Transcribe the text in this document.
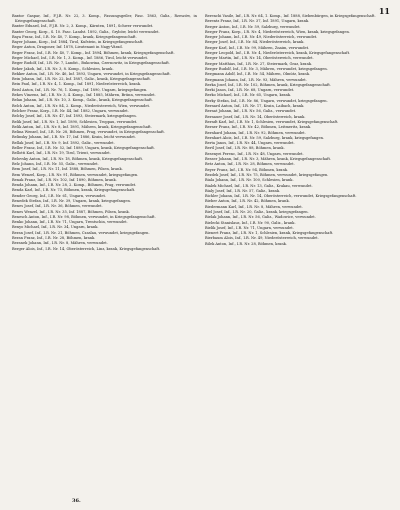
11

Baxtor Gaspar, Inf., F.J.R. Nr. 22, 3. Komp., Fassungsgeiler, Fasc. 1863, Galiz., Rzeszów, in Kriegsgefangenschaft.

Baxter Eduard, Inf., F.J.R. Nr. 2, 3. Komp., Kärnten, 1891, Schwer verwundet.

Baxter Georg, Korp., S. 10. Fasc. Landst. 1892, Galiz., Grybów, leicht verwundet.

Baya Franz, Inf., I.R. Nr. 40, 7. Komp., krank, Kriegsgefangenschaft.

Bayer Johann, Korp., Inf. 1884, Tirol, Kufstein, in Kriegsgefangenschaft.

Beger Anton, Dragoner, Inf. 1878, Lieutenant in Nagy-Várad.

Beger Franz, Inf., I.R. Nr. 40, 7. Komp., Inf. 1894, Böhmen, krank, Kriegsgefangenschaft.

Beger Michael, Inf., I.R. Nr. 1, 3. Komp., Inf. 1886, Tirol, leicht verwundet.

Beger Rudolf, Inf., I.R. Nr. 7, Landst., Bukowina, Czernowitz, in Kriegsgefangenschaft.

Beker Jakob, Inf., I.R. Nr. 3, 8. Komp., Schlesien, krank.

Bekker Anton, Inf., I.R. Nr. 46, Inf. 1893, Ungarn, verwundet, in Kriegsgefangenschaft.

Bein Johann, Inf., I.R. Nr. 22, Inf. 1887, Galiz., krank, Kriegsgefangenschaft.

Bein Paul, Inf., I.R. Nr. 4, 1. Komp., Inf. 1891, Niederösterreich, krank.

Beisl Anton, Inf., I.R. Nr. 76, 1. Komp., Inf. 1890, Ungarn, kriegsgefangen.

Bekes Vinzenz, Inf., I.R. Nr. 3, 4. Komp., Inf. 1885, Mähren, Brünn, verwundet.

Belan Johann, Inf., I.R. Nr. 10, 3. Komp., Galiz., krank, Kriegsgefangenschaft.

Belch Anton, Inf., I.R. Nr. 84, 2. Komp., Niederösterreich, Wien, verwundet.

Belcher Franz, Korp., I.R. Nr. 44, Inf. 1882, Ungarn, verwundet.

Belchy Josef, Inf., I.R. Nr. 47, Inf. 1893, Steiermark, kriegsgefangen.

Belik Josef, Inf., I.R. Nr. 1, Inf. 1890, Schlesien, Troppau, verwundet.

Belik Anton, Inf., I.R. Nr. 8, Inf. 1891, Mähren, krank, Kriegsgefangenschaft.

Belina Wenzel, Inf., I.R. Nr. 28, Böhmen, Prag, verwundet, in Kriegsgefangenschaft.

Belinsky Johann, Inf., I.R. Nr. 17, Inf. 1886, Krain, leicht verwundet.

Bellak Josef, Inf., I.R. Nr. 9, Inf. 1892, Galiz., verwundet.

Beller Franz, Inf., I.R. Nr. 52, Inf. 1889, Ungarn, krank, Kriegsgefangenschaft.

Bellotti Karl, Inf., I.R. Nr. 19, Tirol, Trient, verwundet.

Belovsky Anton, Inf., I.R. Nr. 18, Böhmen, krank, Kriegsgefangenschaft.

Belz Johann, Inf., I.R. Nr. 55, Galiz., verwundet.

Bem Josef, Inf., I.R. Nr. 11, Inf. 1888, Böhmen, Pilsen, krank.

Bem Wenzel, Korp., I.R. Nr. 91, Böhmen, verwundet, kriegsgefangen.

Benak Franz, Inf., I.R. Nr. 102, Inf. 1890, Böhmen, krank.

Benda Johann, Inf., I.R. Nr. 28, 2. Komp., Böhmen, Prag, verwundet.

Benda Karl, Inf., I.R. Nr. 73, Böhmen, krank, Kriegsgefangenschaft.

Bender Georg, Inf., I.R. Nr. 61, Ungarn, verwundet.

Benedek Stefan, Inf., I.R. Nr. 39, Ungarn, krank, kriegsgefangen.

Benes Josef, Inf., I.R. Nr. 36, Böhmen, verwundet.

Benes Wenzel, Inf., I.R. Nr. 35, Inf. 1887, Böhmen, Pilsen, krank.

Benesch Anton, Inf., I.R. Nr. 98, Böhmen, verwundet, in Kriegsgefangenschaft.

Benko Johann, Inf., I.R. Nr. 71, Ungarn, Trentschin, verwundet.

Benyo Michael, Inf., I.R. Nr. 34, Ungarn, krank.

Beran Josef, Inf., I.R. Nr. 21, Böhmen, Czaslau, verwundet, kriegsgefangen.

Beran Franz, Inf., I.R. Nr. 28, Böhmen, krank.

Beranek Johann, Inf., I.R. Nr. 8, Mähren, verwundet.

Berger Alois, Inf., I.R. Nr. 14, Oberösterreich, Linz, krank, Kriegsgefangenschaft.

Berenchi Vasile, Inf., I.R. Nr. 64, 1. Komp., Inf. 1888, Siebenbürgen, in Kriegsgefangenschaft.

Berentz Franz, Inf., I.R. Nr. 37, Inf. 1891, Ungarn, krank.

Berger Anton, Inf., I.R. Nr. 59, Salzburg, verwundet.

Berger Franz, Korp., I.R. Nr. 4, Niederösterreich, Wien, krank, kriegsgefangen.

Berger Johann, Inf., I.R. Nr. 49, Niederösterreich, verwundet.

Berger Josef, Inf., I.R. Nr. 84, Niederösterreich, krank.

Berger Karl, Inf., I.R. Nr. 99, Mähren, Znaim, verwundet.

Berger Leopold, Inf., I.R. Nr. 4, Niederösterreich, krank, Kriegsgefangenschaft.

Berger Martin, Inf., I.R. Nr. 14, Oberösterreich, verwundet.

Berger Matthias, Inf., I.R. Nr. 27, Steiermark, Graz, krank.

Berger Rudolf, Inf., I.R. Nr. 3, Mähren, verwundet, kriegsgefangen.

Bergmann Adolf, Inf., I.R. Nr. 54, Mähren, Olmütz, krank.

Bergmann Johann, Inf., I.R. Nr. 93, Mähren, verwundet.

Berka Josef, Inf., I.R. Nr. 102, Böhmen, krank, Kriegsgefangenschaft.

Berki Janos, Inf., I.R. Nr. 68, Ungarn, verwundet.

Berko Michael, Inf., I.R. Nr. 65, Ungarn, krank.

Berky Stefan, Inf., I.R. Nr. 86, Ungarn, verwundet, kriegsgefangen.

Bernard Anton, Inf., I.R. Nr. 17, Krain, Laibach, krank.

Bernat Johann, Inf., I.R. Nr. 56, Galiz., verwundet.

Bernauer Josef, Inf., I.R. Nr. 14, Oberösterreich, krank.

Berndt Karl, Inf., I.R. Nr. 1, Schlesien, verwundet, Kriegsgefangenschaft.

Berner Franz, Inf., I.R. Nr. 42, Böhmen, Leitmeritz, krank.

Bernhard Johann, Inf., I.R. Nr. 92, Böhmen, verwundet.

Bernhart Alois, Inf., I.R. Nr. 59, Salzburg, krank, kriegsgefangen.

Berta Janos, Inf., I.R. Nr. 44, Ungarn, verwundet.

Bertl Josef, Inf., I.R. Nr. 88, Böhmen, krank.

Besenyei Ferenc, Inf., I.R. Nr. 48, Ungarn, verwundet.

Besser Johann, Inf., I.R. Nr. 3, Mähren, krank, Kriegsgefangenschaft.

Betz Anton, Inf., I.R. Nr. 28, Böhmen, verwundet.

Beyer Franz, Inf., I.R. Nr. 94, Böhmen, krank.

Bezdek Josef, Inf., I.R. Nr. 75, Böhmen, verwundet, kriegsgefangen.

Biala Johann, Inf., I.R. Nr. 100, Schlesien, krank.

Bialek Michael, Inf., I.R. Nr. 13, Galiz., Krakau, verwundet.

Bialy Josef, Inf., I.R. Nr. 57, Galiz., krank.

Bichler Johann, Inf., I.R. Nr. 14, Oberösterreich, verwundet, Kriegsgefangenschaft.

Bieber Anton, Inf., I.R. Nr. 42, Böhmen, krank.

Biedermann Karl, Inf., I.R. Nr. 8, Mähren, verwundet.

Biel Josef, Inf., I.R. Nr. 20, Galiz., krank, kriegsgefangen.

Bielak Johann, Inf., I.R. Nr. 56, Galiz., Wadowice, verwundet.

Bielecki Stanislaus, Inf., I.R. Nr. 90, Galiz., krank.

Bielik Josef, Inf., I.R. Nr. 71, Ungarn, verwundet.

Bienert Franz, Inf., I.R. Nr. 1, Schlesien, krank, Kriegsgefangenschaft.

Bierbaum Alois, Inf., I.R. Nr. 49, Niederösterreich, verwundet.

Bilek Anton, Inf., I.R. Nr. 28, Böhmen, krank.

36.
